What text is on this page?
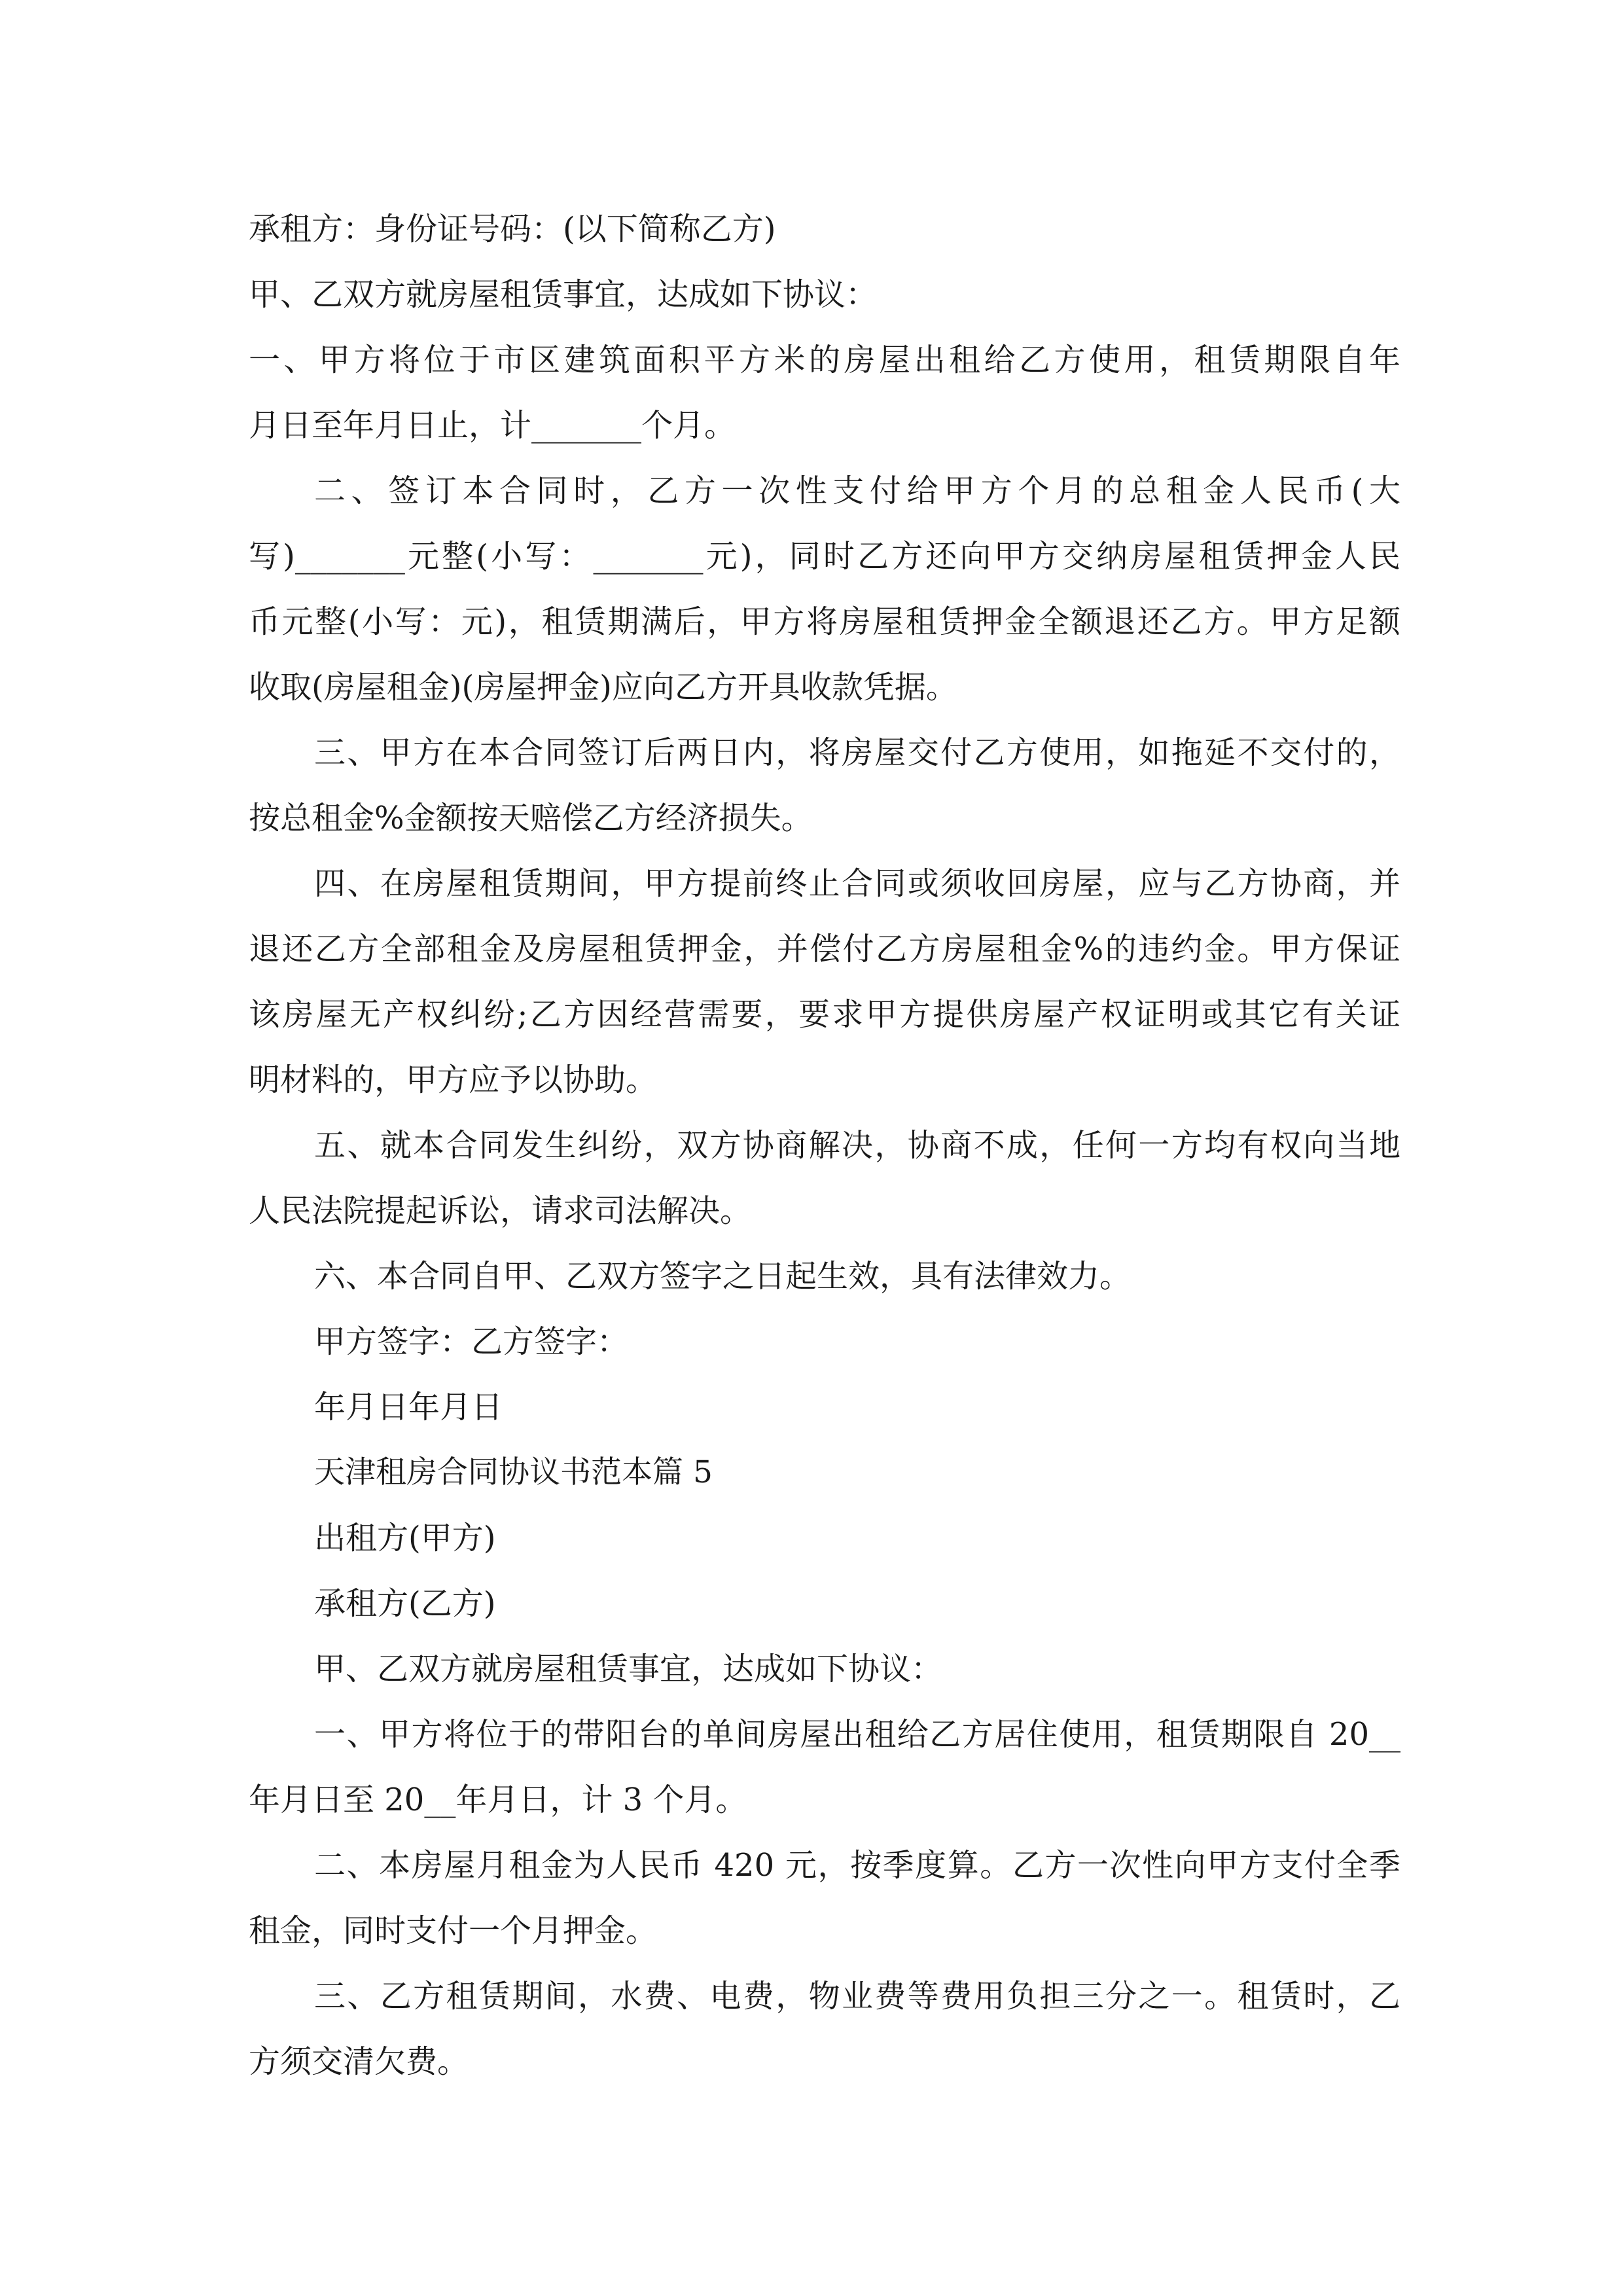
承租方：身份证号码：(以下简称乙方)
甲、乙双方就房屋租赁事宜，达成如下协议：
一、甲方将位于市区建筑面积平方米的房屋出租给乙方使用，租赁期限自年
月日至年月日止，计_______个月。
二、签订本合同时，乙方一次性支付给甲方个月的总租金人民币(大
写)_______元整(小写：_______元)，同时乙方还向甲方交纳房屋租赁押金人民
币元整(小写：元)，租赁期满后，甲方将房屋租赁押金全额退还乙方。甲方足额
收取(房屋租金)(房屋押金)应向乙方开具收款凭据。
三、甲方在本合同签订后两日内，将房屋交付乙方使用，如拖延不交付的，
按总租金%金额按天赔偿乙方经济损失。
四、在房屋租赁期间，甲方提前终止合同或须收回房屋，应与乙方协商，并
退还乙方全部租金及房屋租赁押金，并偿付乙方房屋租金%的违约金。甲方保证
该房屋无产权纠纷;乙方因经营需要，要求甲方提供房屋产权证明或其它有关证
明材料的，甲方应予以协助。
五、就本合同发生纠纷，双方协商解决，协商不成，任何一方均有权向当地
人民法院提起诉讼，请求司法解决。
六、本合同自甲、乙双方签字之日起生效，具有法律效力。
甲方签字：乙方签字：
年月日年月日
天津租房合同协议书范本篇 5
出租方(甲方)
承租方(乙方)
甲、乙双方就房屋租赁事宜，达成如下协议：
一、甲方将位于的带阳台的单间房屋出租给乙方居住使用，租赁期限自 20__
年月日至 20__年月日，计 3 个月。
二、本房屋月租金为人民币 420 元，按季度算。乙方一次性向甲方支付全季
租金，同时支付一个月押金。
三、乙方租赁期间，水费、电费，物业费等费用负担三分之一。租赁时，乙
方须交清欠费。
